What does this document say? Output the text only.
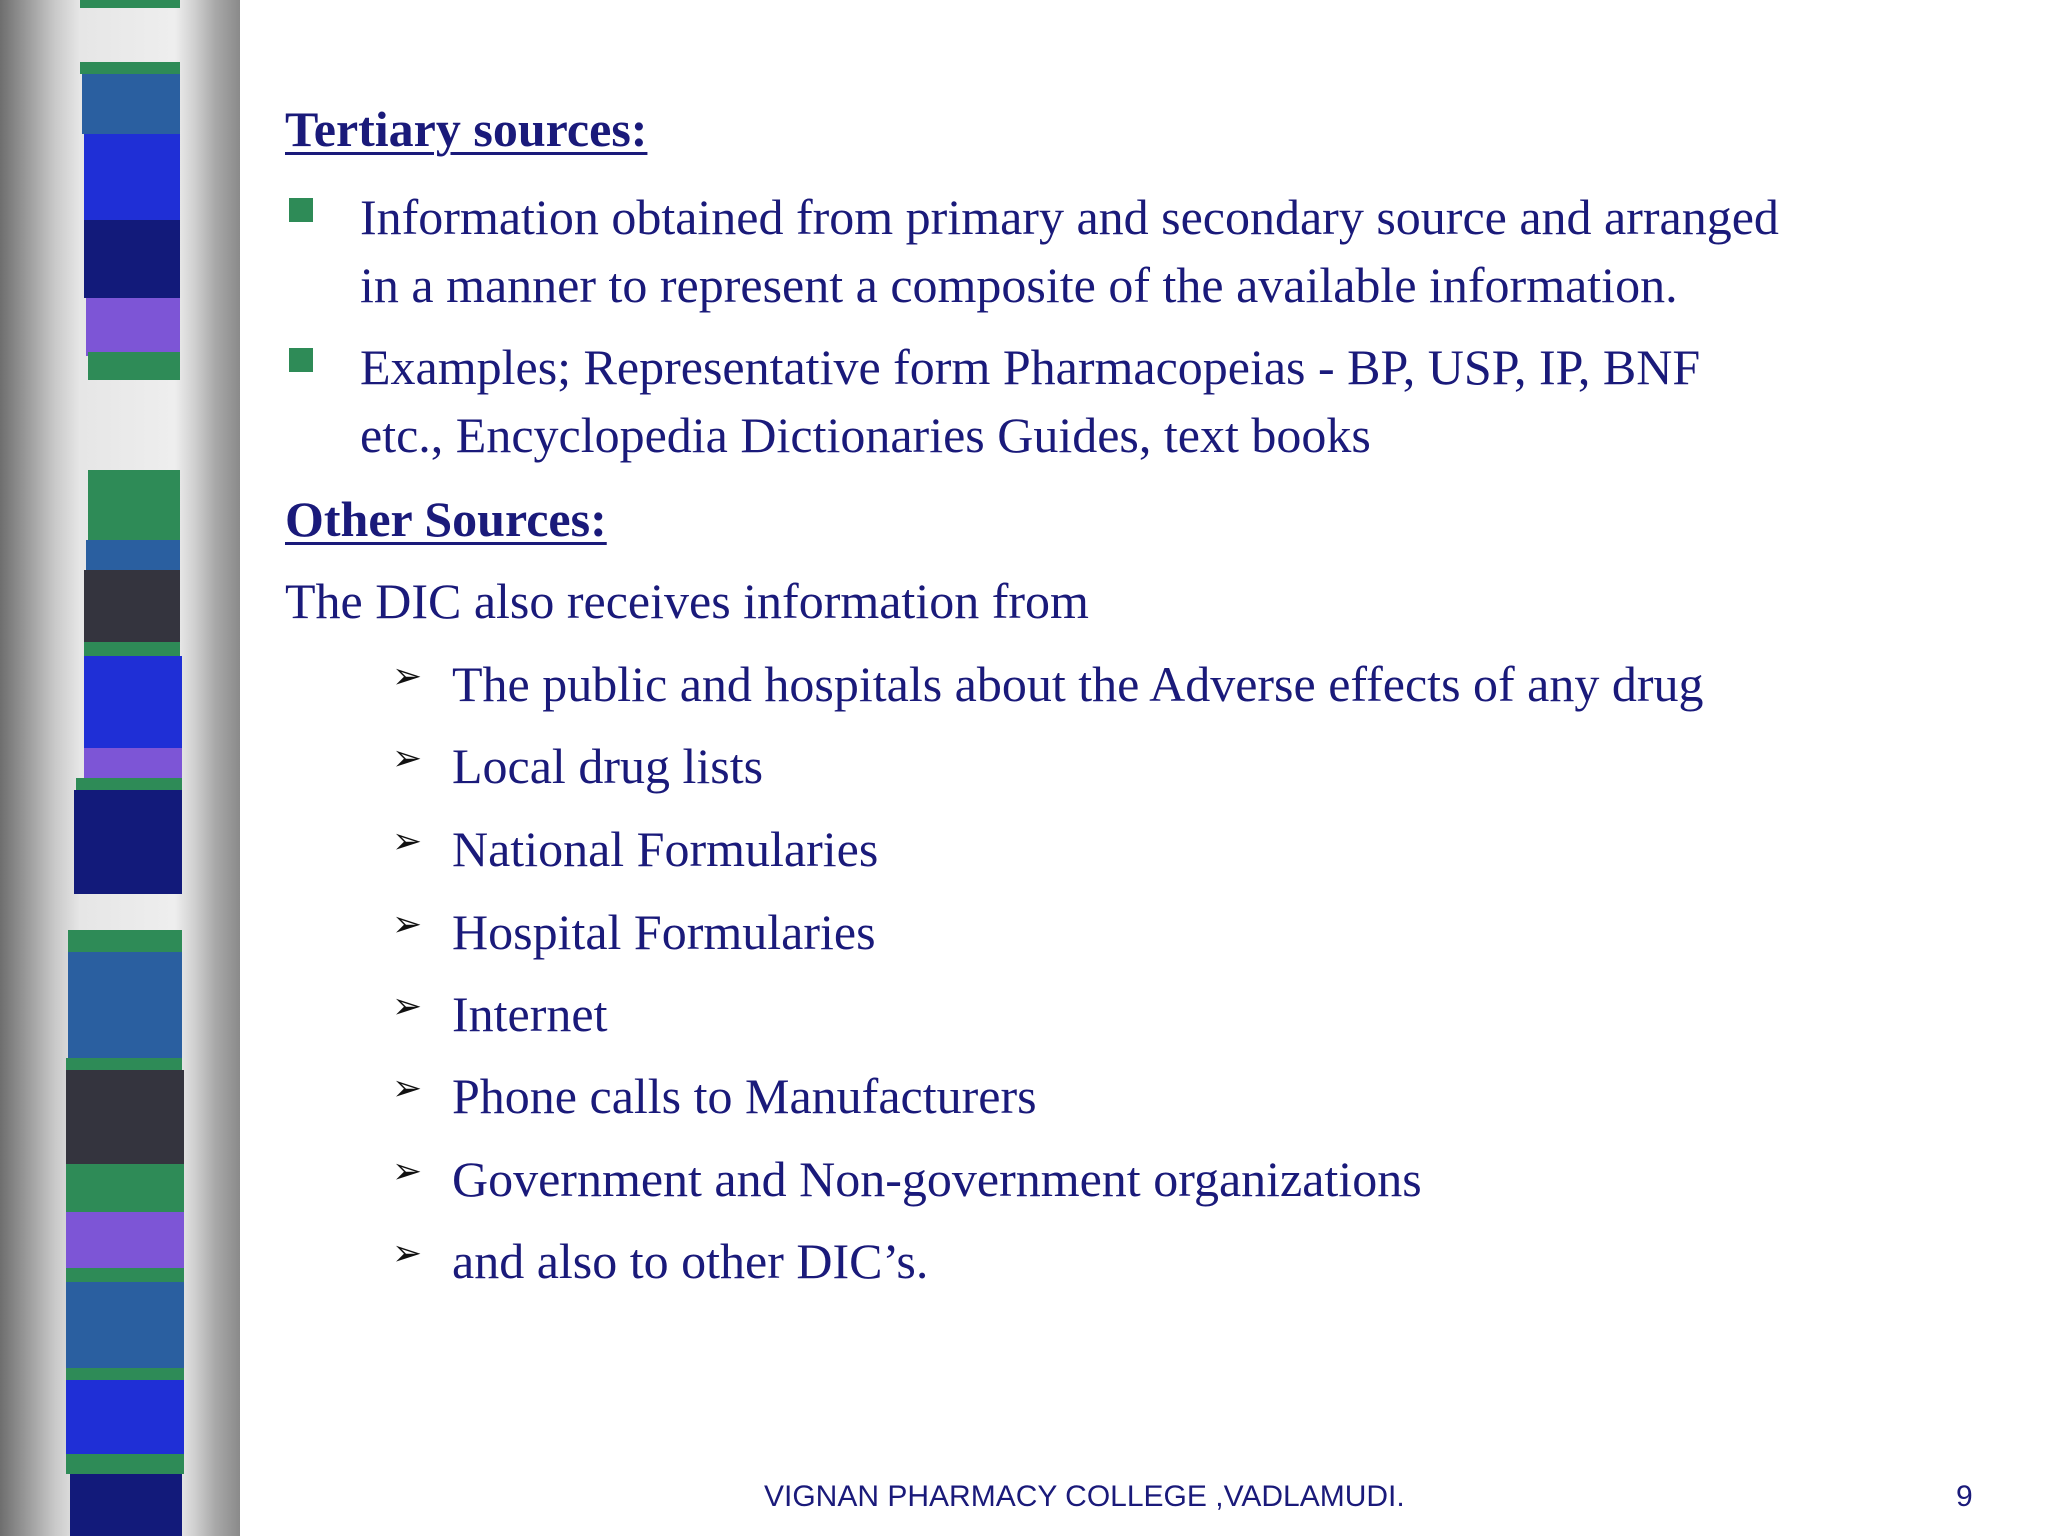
Tertiary sources:
Information obtained from primary and secondary source and arranged
in a manner to represent a composite of the available information.
Examples; Representative form Pharmacopeias - BP, USP, IP, BNF
etc., Encyclopedia Dictionaries Guides, text books
Other Sources:
The DIC also receives information from
➢ The public and hospitals about the Adverse effects of any drug
➢ Local drug lists
➢ National Formularies
➢ Hospital Formularies
➢ Internet
➢ Phone calls to Manufacturers
➢ Government and Non-government organizations
➢ and also to other DIC’s.
VIGNAN PHARMACY COLLEGE ,VADLAMUDI.	9
